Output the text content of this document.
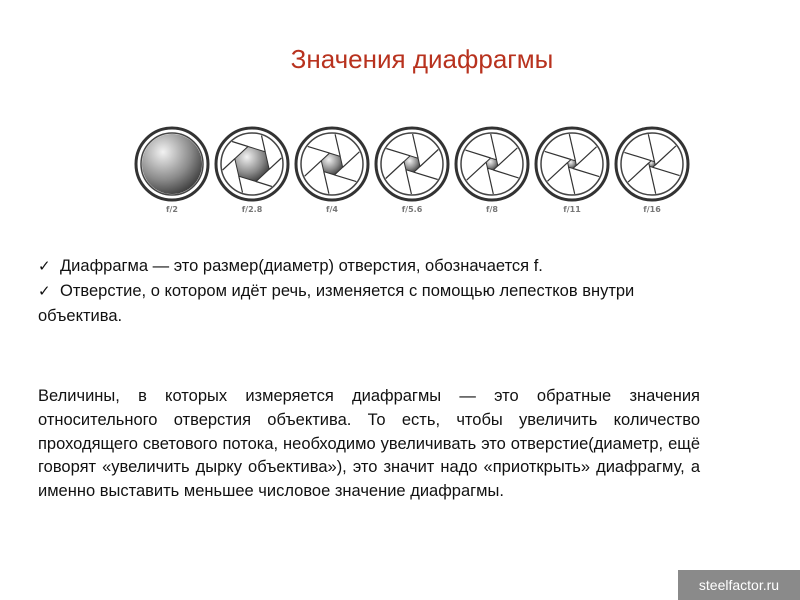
Значения диафрагмы
f/2	f/2.8	f/4	f/5.6	f/8	f/11	f/16
✓ Диафрагма — это размер(диаметр) отверстия, обозначается f.
✓ Отверстие, о котором идёт речь, изменяется с помощью лепестков внутри объектива.
Величины, в которых измеряется диафрагмы — это обратные значения относительного отверстия объектива. То есть, чтобы увеличить количество проходящего светового потока, необходимо увеличивать это отверстие(диаметр, ещё говорят «увеличить дырку объектива»), это значит надо «приоткрыть» диафрагму, а именно выставить меньшее числовое значение диафрагмы.
steelfactor.ru
